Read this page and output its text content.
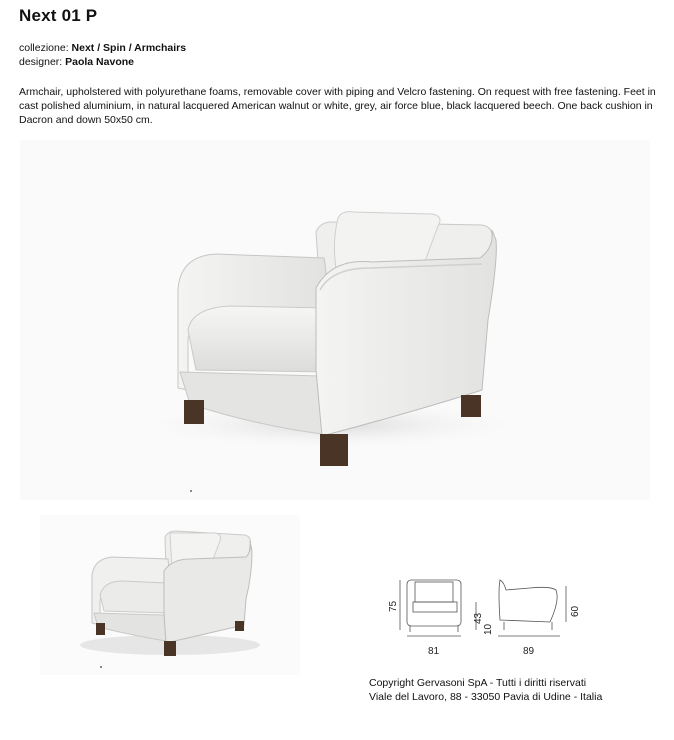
Next 01 P
collezione: Next / Spin / Armchairs
designer: Paola Navone
Armchair, upholstered with polyurethane foams, removable cover with piping and Velcro fastening. On request with free fastening. Feet in cast polished aluminium, in natural lacquered American walnut or white, grey, air force blue, black lacquered beech. One back cushion in Dacron and down 50x50 cm.
75
43
10
60
81	89
Copyright Gervasoni SpA - Tutti i diritti riservati
Viale del Lavoro, 88 - 33050 Pavia di Udine - Italia
